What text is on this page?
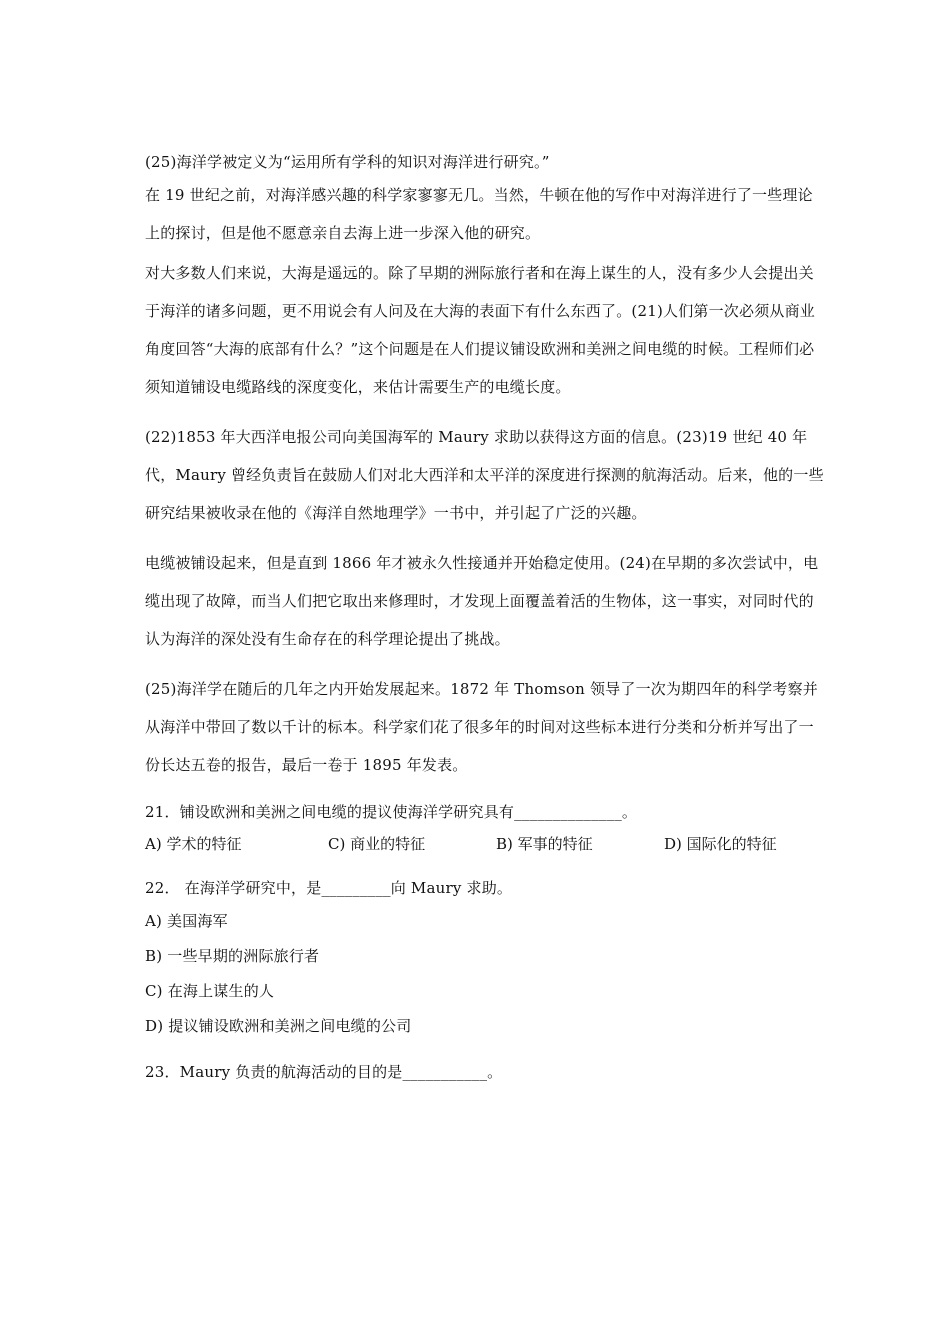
(25)海洋学被定义为“运用所有学科的知识对海洋进行研究。”

在 19 世纪之前，对海洋感兴趣的科学家寥寥无几。当然，牛顿在他的写作中对海洋进行了一些理论上的探讨，但是他不愿意亲自去海上进一步深入他的研究。

对大多数人们来说，大海是遥远的。除了早期的洲际旅行者和在海上谋生的人，没有多少人会提出关于海洋的诸多问题，更不用说会有人问及在大海的表面下有什么东西了。(21)人们第一次必须从商业角度回答“大海的底部有什么？”这个问题是在人们提议铺设欧洲和美洲之间电缆的时候。工程师们必须知道铺设电缆路线的深度变化，来估计需要生产的电缆长度。

(22)1853 年大西洋电报公司向美国海军的 Maury 求助以获得这方面的信息。(23)19 世纪 40 年代，Maury 曾经负责旨在鼓励人们对北大西洋和太平洋的深度进行探测的航海活动。后来，他的一些研究结果被收录在他的《海洋自然地理学》一书中，并引起了广泛的兴趣。

电缆被铺设起来，但是直到 1866 年才被永久性接通并开始稳定使用。(24)在早期的多次尝试中，电缆出现了故障，而当人们把它取出来修理时，才发现上面覆盖着活的生物体，这一事实，对同时代的认为海洋的深处没有生命存在的科学理论提出了挑战。

(25)海洋学在随后的几年之内开始发展起来。1872 年 Thomson 领导了一次为期四年的科学考察并从海洋中带回了数以千计的标本。科学家们花了很多年的时间对这些标本进行分类和分析并写出了一份长达五卷的报告，最后一卷于 1895 年发表。

21．铺设欧洲和美洲之间电缆的提议使海洋学研究具有______________。

A) 学术的特征	C) 商业的特征	B) 军事的特征	D) 国际化的特征

22． 在海洋学研究中，是_________向 Maury 求助。

A) 美国海军

B) 一些早期的洲际旅行者

C) 在海上谋生的人

D) 提议铺设欧洲和美洲之间电缆的公司

23．Maury 负责的航海活动的目的是___________。
